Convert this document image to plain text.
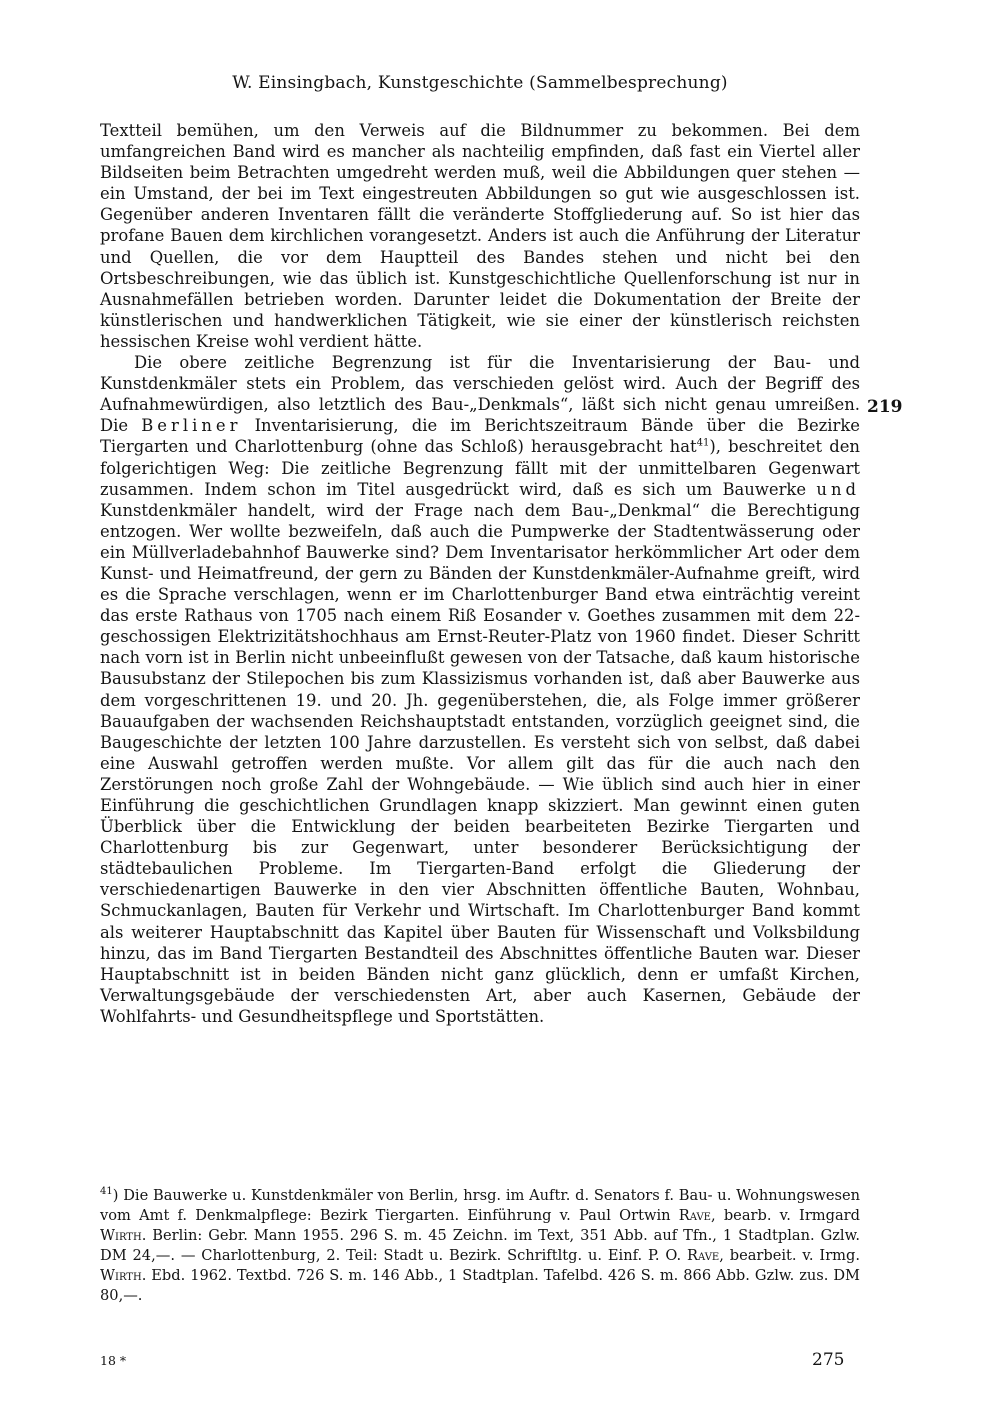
W. Einsingbach, Kunstgeschichte (Sammelbesprechung)
219

Textteil bemühen, um den Verweis auf die Bildnummer zu bekommen. Bei dem umfangreichen Band wird es mancher als nachteilig empfinden, daß fast ein Viertel aller Bildseiten beim Betrachten umgedreht werden muß, weil die Abbildungen quer stehen — ein Umstand, der bei im Text eingestreuten Abbildungen so gut wie ausgeschlossen ist. Gegenüber anderen Inventaren fällt die veränderte Stoffgliederung auf. So ist hier das profane Bauen dem kirchlichen vorangesetzt. Anders ist auch die Anführung der Literatur und Quellen, die vor dem Hauptteil des Bandes stehen und nicht bei den Ortsbeschreibungen, wie das üblich ist. Kunstgeschichtliche Quellenforschung ist nur in Ausnahmefällen betrieben worden. Darunter leidet die Dokumentation der Breite der künstlerischen und handwerklichen Tätigkeit, wie sie einer der künstlerisch reichsten hessischen Kreise wohl verdient hätte.

Die obere zeitliche Begrenzung ist für die Inventarisierung der Bau- und Kunstdenkmäler stets ein Problem, das verschieden gelöst wird. Auch der Begriff des Aufnahmewürdigen, also letztlich des Bau-„Denkmals“, läßt sich nicht genau umreißen. Die Berliner Inventarisierung, die im Berichtszeitraum Bände über die Bezirke Tiergarten und Charlottenburg (ohne das Schloß) herausgebracht hat$^{41}$), beschreitet den folgerichtigen Weg: Die zeitliche Begrenzung fällt mit der unmittelbaren Gegenwart zusammen. Indem schon im Titel ausgedrückt wird, daß es sich um Bauwerke und Kunstdenkmäler handelt, wird der Frage nach dem Bau-„Denkmal“ die Berechtigung entzogen. Wer wollte bezweifeln, daß auch die Pumpwerke der Stadtentwässerung oder ein Müllverladebahnhof Bauwerke sind? Dem Inventarisator herkömmlicher Art oder dem Kunst- und Heimatfreund, der gern zu Bänden der Kunstdenkmäler-Aufnahme greift, wird es die Sprache verschlagen, wenn er im Charlottenburger Band etwa einträchtig vereint das erste Rathaus von 1705 nach einem Riß Eosander v. Goethes zusammen mit dem 22-geschossigen Elektrizitätshochhaus am Ernst-Reuter-Platz von 1960 findet. Dieser Schritt nach vorn ist in Berlin nicht unbeeinflußt gewesen von der Tatsache, daß kaum historische Bausubstanz der Stilepochen bis zum Klassizismus vorhanden ist, daß aber Bauwerke aus dem vorgeschrittenen 19. und 20. Jh. gegenüberstehen, die, als Folge immer größerer Bauaufgaben der wachsenden Reichshauptstadt entstanden, vorzüglich geeignet sind, die Baugeschichte der letzten 100 Jahre darzustellen. Es versteht sich von selbst, daß dabei eine Auswahl getroffen werden mußte. Vor allem gilt das für die auch nach den Zerstörungen noch große Zahl der Wohngebäude. — Wie üblich sind auch hier in einer Einführung die geschichtlichen Grundlagen knapp skizziert. Man gewinnt einen guten Überblick über die Entwicklung der beiden bearbeiteten Bezirke Tiergarten und Charlottenburg bis zur Gegenwart, unter besonderer Berücksichtigung der städtebaulichen Probleme. Im Tiergarten-Band erfolgt die Gliederung der verschiedenartigen Bauwerke in den vier Abschnitten öffentliche Bauten, Wohnbau, Schmuckanlagen, Bauten für Verkehr und Wirtschaft. Im Charlottenburger Band kommt als weiterer Hauptabschnitt das Kapitel über Bauten für Wissenschaft und Volksbildung hinzu, das im Band Tiergarten Bestandteil des Abschnittes öffentliche Bauten war. Dieser Hauptabschnitt ist in beiden Bänden nicht ganz glücklich, denn er umfaßt Kirchen, Verwaltungsgebäude der verschiedensten Art, aber auch Kasernen, Gebäude der Wohlfahrts- und Gesundheitspflege und Sportstätten.

$^{41}$) Die Bauwerke u. Kunstdenkmäler von Berlin, hrsg. im Auftr. d. Senators f. Bau- u. Wohnungswesen vom Amt f. Denkmalpflege: Bezirk Tiergarten. Einführung v. Paul Ortwin Rave, bearb. v. Irmgard Wirth. Berlin: Gebr. Mann 1955. 296 S. m. 45 Zeichn. im Text, 351 Abb. auf Tfn., 1 Stadtplan. Gzlw. DM 24,—. — Charlottenburg, 2. Teil: Stadt u. Bezirk. Schriftltg. u. Einf. P. O. Rave, bearbeit. v. Irmg. Wirth. Ebd. 1962. Textbd. 726 S. m. 146 Abb., 1 Stadtplan. Tafelbd. 426 S. m. 866 Abb. Gzlw. zus. DM 80,—.
18 *	275
